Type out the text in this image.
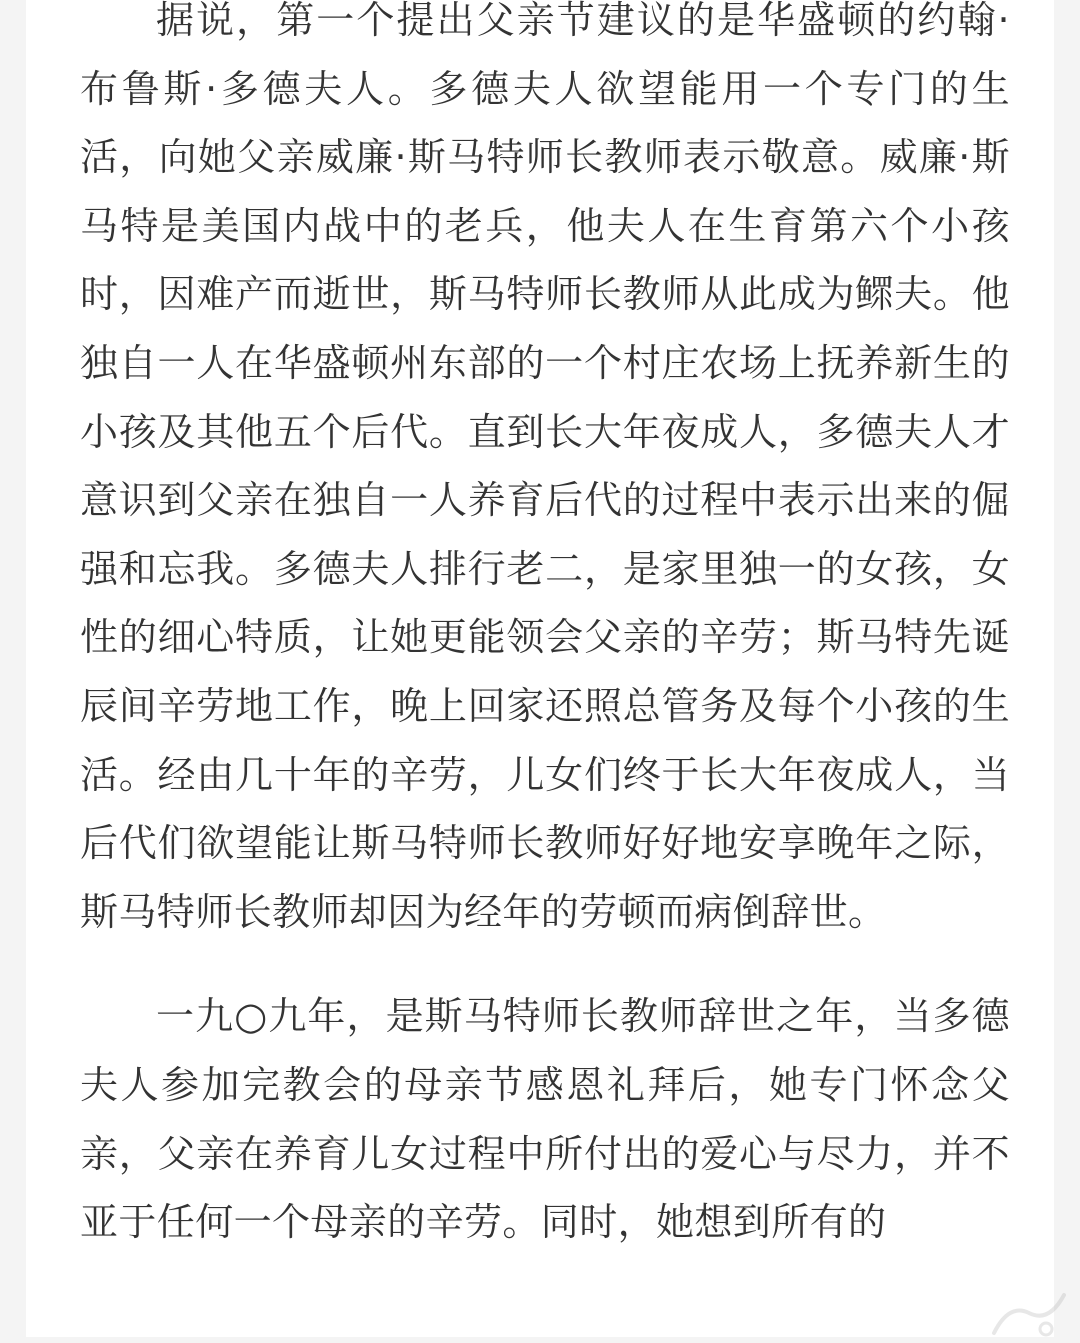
据说，第一个提出父亲节建议的是华盛顿的约翰·布鲁斯·多德夫人。多德夫人欲望能用一个专门的生活，向她父亲威廉·斯马特师长教师表示敬意。威廉·斯马特是美国内战中的老兵，他夫人在生育第六个小孩时，因难产而逝世，斯马特师长教师从此成为鳏夫。他独自一人在华盛顿州东部的一个村庄农场上抚养新生的小孩及其他五个后代。直到长大年夜成人，多德夫人才意识到父亲在独自一人养育后代的过程中表示出来的倔强和忘我。多德夫人排行老二，是家里独一的女孩，女性的细心特质，让她更能领会父亲的辛劳；斯马特先诞辰间辛劳地工作，晚上回家还照总管务及每个小孩的生活。经由几十年的辛劳，儿女们终于长大年夜成人，当后代们欲望能让斯马特师长教师好好地安享晚年之际，斯马特师长教师却因为经年的劳顿而病倒辞世。

一九○九年，是斯马特师长教师辞世之年，当多德夫人参加完教会的母亲节感恩礼拜后，她专门怀念父亲，父亲在养育儿女过程中所付出的爱心与尽力，并不亚于任何一个母亲的辛劳。同时，她想到所有的
